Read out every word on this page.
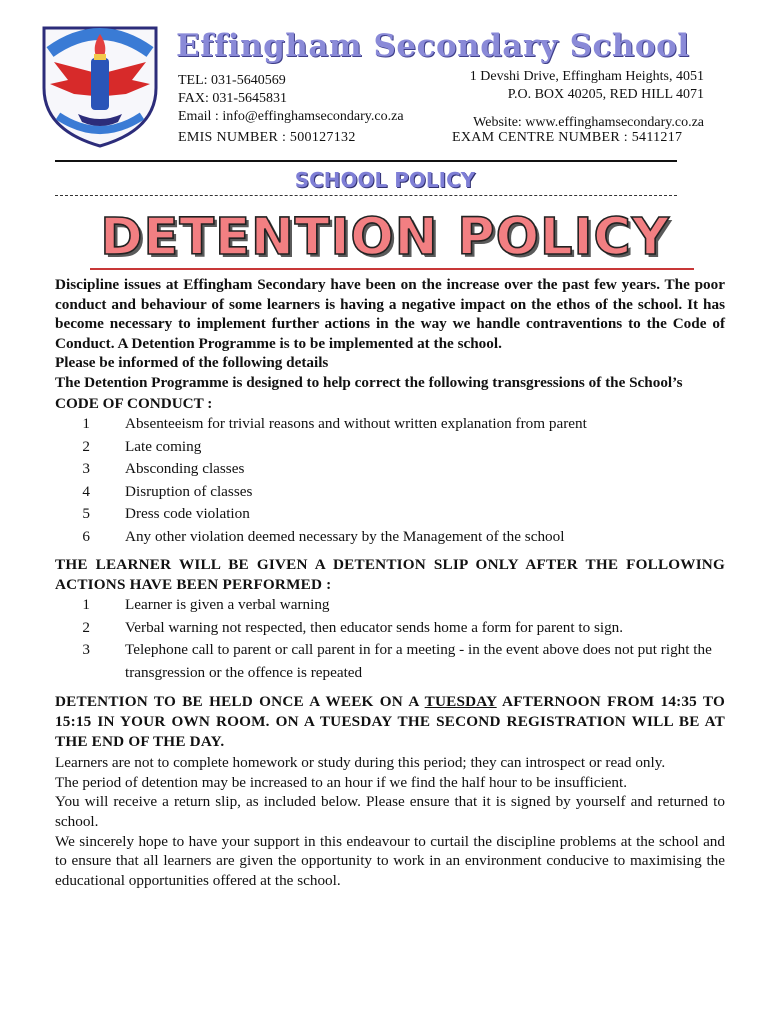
Effingham Secondary School
TEL: 031-5640569
FAX: 031-5645831
Email : info@effinghamsecondary.co.za
1 Devshi Drive, Effingham Heights, 4051
P.O. BOX 40205, RED HILL 4071
Website: www.effinghamsecondary.co.za
EMIS NUMBER : 500127132	EXAM CENTRE NUMBER : 5411217
SCHOOL POLICY
DETENTION POLICY
Discipline issues at Effingham Secondary have been on the increase over the past few years. The poor conduct and behaviour of some learners is having a negative impact on the ethos of the school. It has become necessary to implement further actions in the way we handle contraventions to the Code of Conduct. A Detention Programme is to be implemented at the school.
Please be informed of the following details
The Detention Programme is designed to help correct the following transgressions of the School’s
CODE OF CONDUCT :
1	Absenteeism for trivial reasons and without written explanation from parent
2	Late coming
3	Absconding classes
4	Disruption of classes
5	Dress code violation
6	Any other violation deemed necessary by the Management of the school
THE LEARNER WILL BE GIVEN A DETENTION SLIP ONLY AFTER THE FOLLOWING ACTIONS HAVE BEEN PERFORMED :
1	Learner is given a verbal warning
2	Verbal warning not respected, then educator sends home a form for parent to sign.
3	Telephone call to parent or call parent in for a meeting - in the event above does not put right the transgression or the offence is repeated
DETENTION TO BE HELD ONCE A WEEK ON A TUESDAY AFTERNOON FROM 14:35 TO 15:15 IN YOUR OWN ROOM. ON A TUESDAY THE SECOND REGISTRATION WILL BE AT THE END OF THE DAY.

Learners are not to complete homework or study during this period; they can introspect or read only.

The period of detention may be increased to an hour if we find the half hour to be insufficient.

You will receive a return slip, as included below. Please ensure that it is signed by yourself and returned to school.

We sincerely hope to have your support in this endeavour to curtail the discipline problems at the school and to ensure that all learners are given the opportunity to work in an environment conducive to maximising the educational opportunities offered at the school.
